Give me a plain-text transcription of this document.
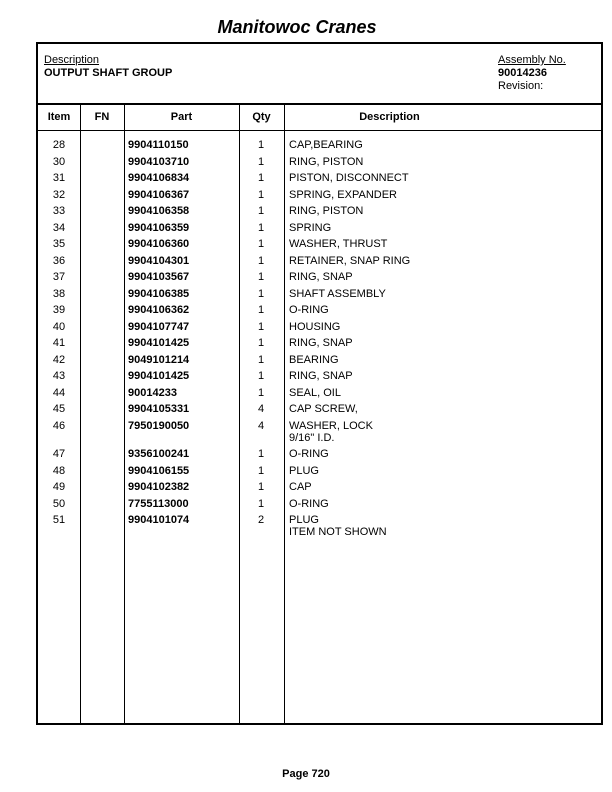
Manitowoc Cranes
Description
OUTPUT SHAFT GROUP
Assembly No.
90014236
Revision:
Item	FN	Part	Qty	Description
28	9904110150	1	CAP,BEARING
30	9904103710	1	RING, PISTON
31	9904106834	1	PISTON, DISCONNECT
32	9904106367	1	SPRING, EXPANDER
33	9904106358	1	RING, PISTON
34	9904106359	1	SPRING
35	9904106360	1	WASHER, THRUST
36	9904104301	1	RETAINER, SNAP RING
37	9904103567	1	RING, SNAP
38	9904106385	1	SHAFT ASSEMBLY
39	9904106362	1	O-RING
40	9904107747	1	HOUSING
41	9904101425	1	RING, SNAP
42	9049101214	1	BEARING
43	9904101425	1	RING, SNAP
44	90014233	1	SEAL, OIL
45	9904105331	4	CAP SCREW,
46	7950190050	4	WASHER, LOCK
9/16" I.D.
47	9356100241	1	O-RING
48	9904106155	1	PLUG
49	9904102382	1	CAP
50	7755113000	1	O-RING
51	9904101074	2	PLUG
ITEM NOT SHOWN
Page 720
